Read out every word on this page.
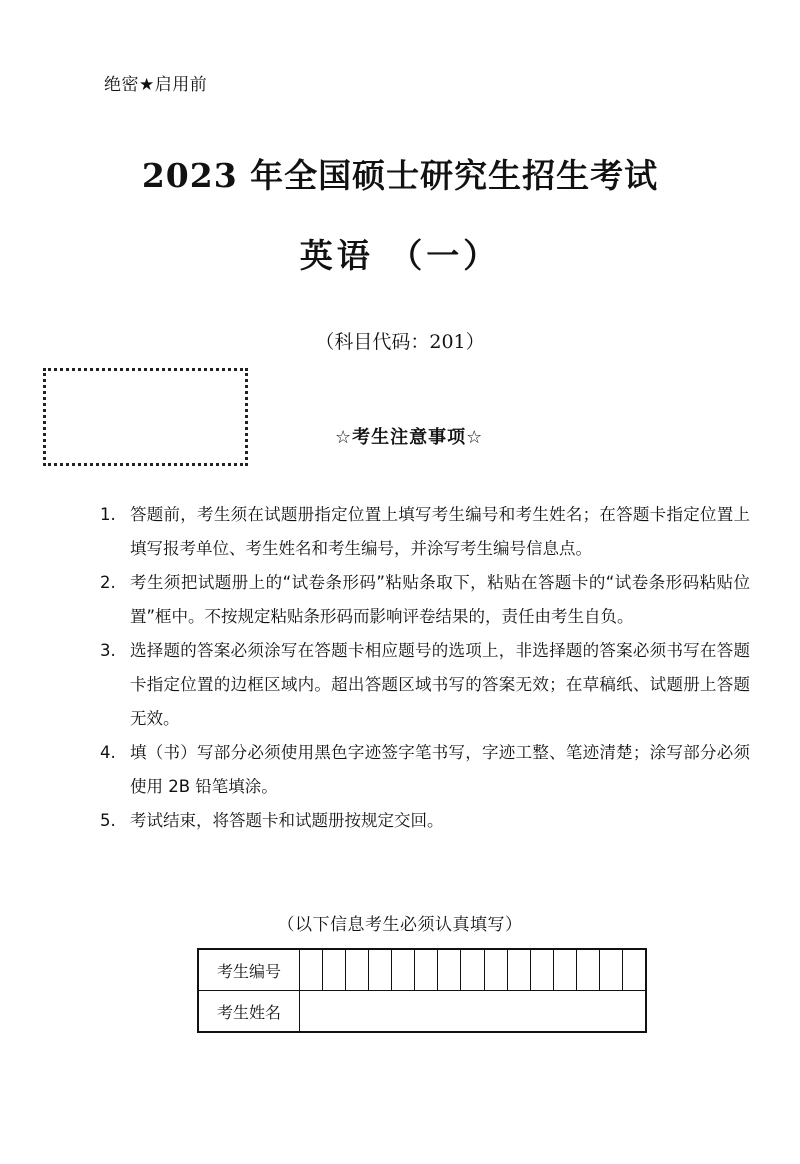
绝密★启用前
2023 年全国硕士研究生招生考试
英语 （一）
（科目代码：201）
☆考生注意事项☆
1. 答题前，考生须在试题册指定位置上填写考生编号和考生姓名；在答题卡指定位置上填写报考单位、考生姓名和考生编号，并涂写考生编号信息点。
2. 考生须把试题册上的“试卷条形码”粘贴条取下，粘贴在答题卡的“试卷条形码粘贴位置”框中。不按规定粘贴条形码而影响评卷结果的，责任由考生自负。
3. 选择题的答案必须涂写在答题卡相应题号的选项上，非选择题的答案必须书写在答题卡指定位置的边框区域内。超出答题区域书写的答案无效；在草稿纸、试题册上答题无效。
4. 填（书）写部分必须使用黑色字迹签字笔书写，字迹工整、笔迹清楚；涂写部分必须使用 2B 铅笔填涂。
5. 考试结束，将答题卡和试题册按规定交回。
（以下信息考生必须认真填写）
考生编号															
考生姓名															
